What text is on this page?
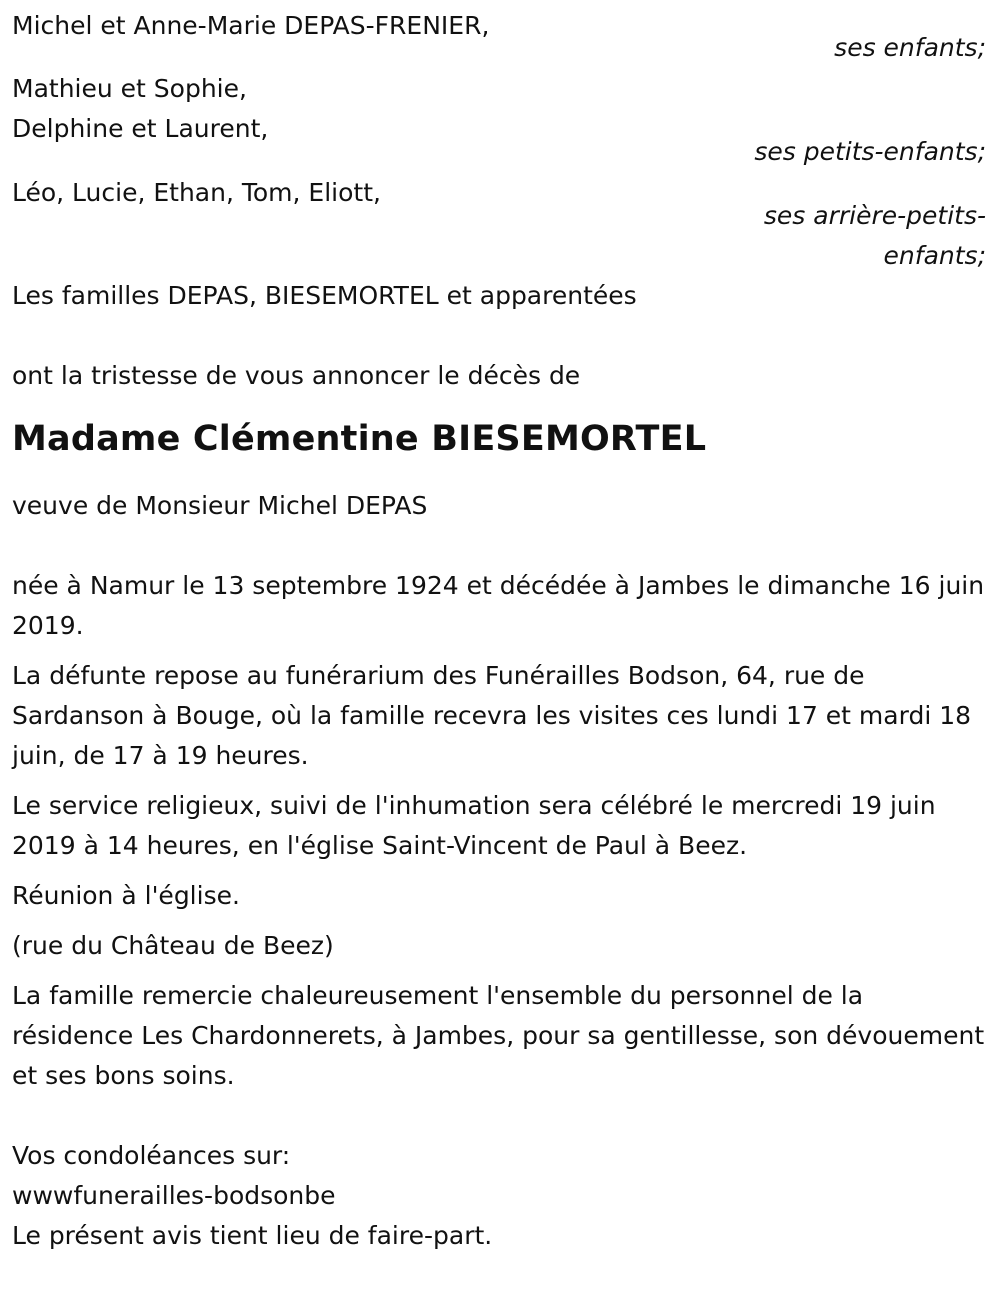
Michel et Anne-Marie DEPAS-FRENIER,

ses enfants;

Mathieu et Sophie,

Delphine et Laurent,

ses petits-enfants;

Léo, Lucie, Ethan, Tom, Eliott,

ses arrière-petits-

enfants;

Les familles DEPAS, BIESEMORTEL et apparentées

ont la tristesse de vous annoncer le décès de

Madame Clémentine BIESEMORTEL

veuve de Monsieur Michel DEPAS

née à Namur le 13 septembre 1924 et décédée à Jambes le dimanche 16 juin 2019.

La défunte repose au funérarium des Funérailles Bodson, 64, rue de Sardanson à Bouge, où la famille recevra les visites ces lundi 17 et mardi 18 juin, de 17 à 19 heures.

Le service religieux, suivi de l'inhumation sera célébré le mercredi 19 juin 2019 à 14 heures, en l'église Saint-Vincent de Paul à Beez.

Réunion à l'église.

(rue du Château de Beez)

La famille remercie chaleureusement l'ensemble du personnel de la résidence Les Chardonnerets, à Jambes, pour sa gentillesse, son dévouement et ses bons soins.

Vos condoléances sur:

wwwfunerailles-bodsonbe

Le présent avis tient lieu de faire-part.
